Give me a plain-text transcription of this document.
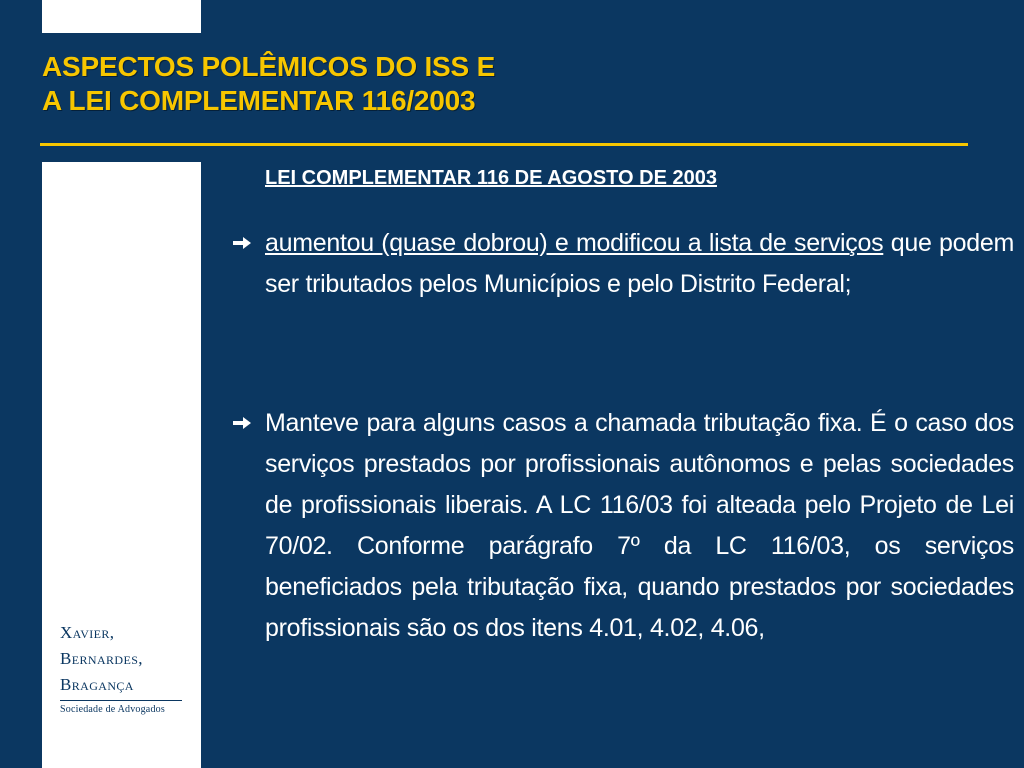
ASPECTOS POLÊMICOS DO ISS E
A LEI COMPLEMENTAR 116/2003
Xavier,
Bernardes,
Bragança
Sociedade de Advogados
LEI COMPLEMENTAR 116 DE AGOSTO DE 2003

aumentou (quase dobrou) e modificou a lista de serviços que podem ser tributados pelos Municípios e pelo Distrito Federal;

Manteve para alguns casos a chamada tributação fixa. É o caso dos serviços prestados por profissionais autônomos e pelas sociedades de profissionais liberais. A LC 116/03 foi alteada pelo Projeto de Lei 70/02. Conforme parágrafo 7º da LC 116/03, os serviços beneficiados pela tributação fixa, quando prestados por sociedades profissionais são os dos itens 4.01, 4.02, 4.06,
